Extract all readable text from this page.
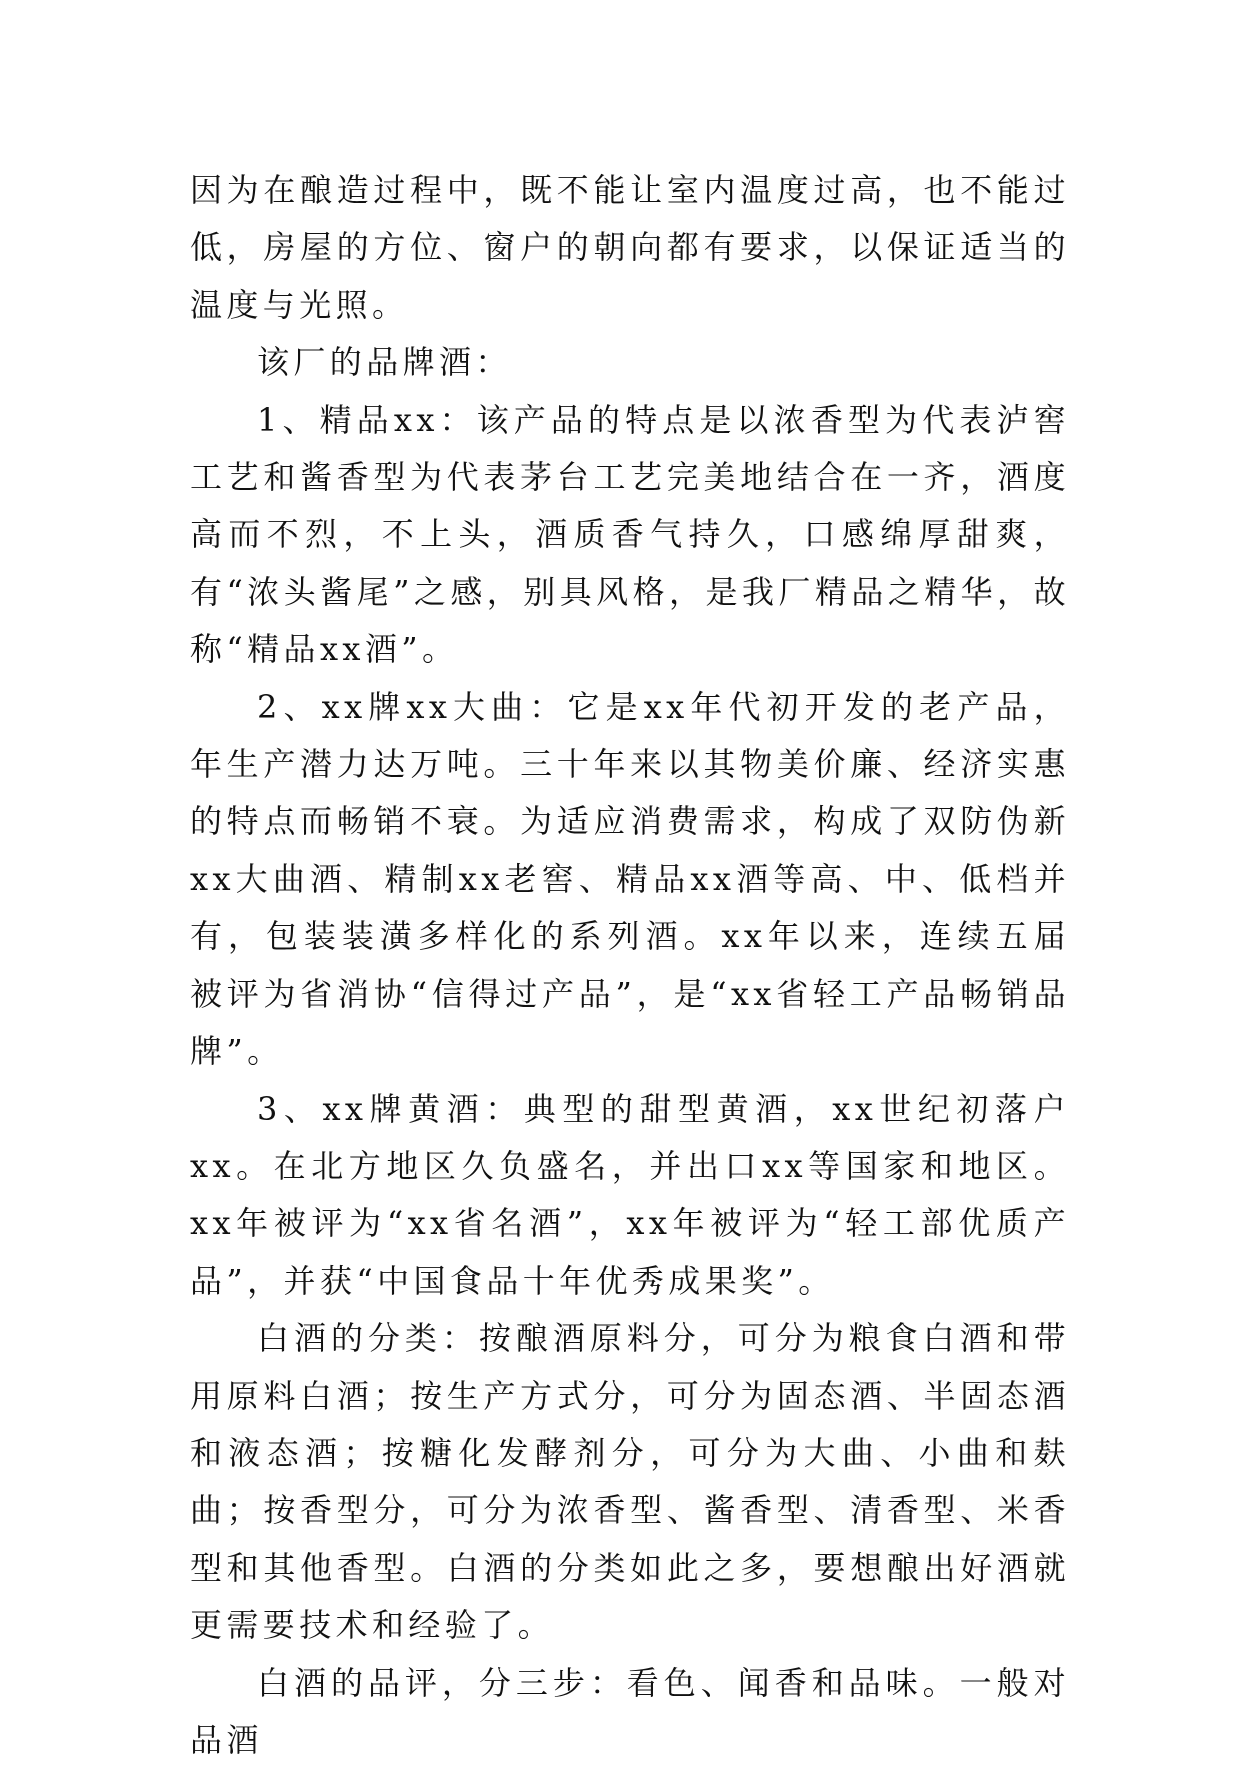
因为在酿造过程中，既不能让室内温度过高，也不能过低，房屋的方位、窗户的朝向都有要求，以保证适当的温度与光照。

该厂的品牌酒：

1、精品xx：该产品的特点是以浓香型为代表泸窖工艺和酱香型为代表茅台工艺完美地结合在一齐，酒度高而不烈，不上头，酒质香气持久，口感绵厚甜爽，有“浓头酱尾”之感，别具风格，是我厂精品之精华，故称“精品xx酒”。

2、xx牌xx大曲：它是xx年代初开发的老产品，年生产潜力达万吨。三十年来以其物美价廉、经济实惠的特点而畅销不衰。为适应消费需求，构成了双防伪新xx大曲酒、精制xx老窖、精品xx酒等高、中、低档并有，包装装潢多样化的系列酒。xx年以来，连续五届被评为省消协“信得过产品”，是“xx省轻工产品畅销品牌”。

3、xx牌黄酒：典型的甜型黄酒，xx世纪初落户xx。在北方地区久负盛名，并出口xx等国家和地区。xx年被评为“xx省名酒”，xx年被评为“轻工部优质产品”，并获“中国食品十年优秀成果奖”。

白酒的分类：按酿酒原料分，可分为粮食白酒和带用原料白酒；按生产方式分，可分为固态酒、半固态酒和液态酒；按糖化发酵剂分，可分为大曲、小曲和麸曲；按香型分，可分为浓香型、酱香型、清香型、米香型和其他香型。白酒的分类如此之多，要想酿出好酒就更需要技术和经验了。

白酒的品评，分三步：看色、闻香和品味。一般对品酒
